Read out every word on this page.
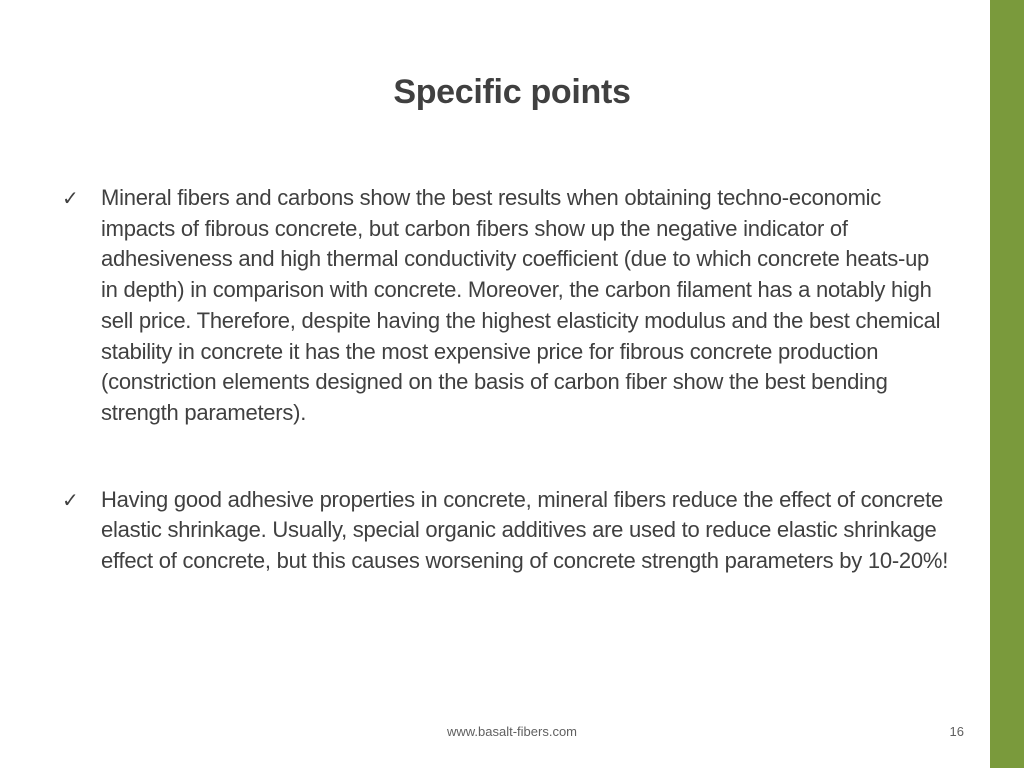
Specific points
✓ Mineral fibers and carbons show the best results when obtaining techno-economic impacts of fibrous concrete, but carbon fibers show up the negative indicator of adhesiveness and high thermal conductivity coefficient (due to which concrete heats-up in depth) in comparison with concrete. Moreover, the carbon filament has a notably high sell price. Therefore, despite having the highest elasticity modulus and the best chemical stability in concrete it has the most expensive price for fibrous concrete production (constriction elements designed on the basis of carbon fiber show the best bending strength parameters).
✓ Having good adhesive properties in concrete, mineral fibers reduce the effect of concrete elastic shrinkage. Usually, special organic additives are used to reduce elastic shrinkage effect of concrete, but this causes worsening of concrete strength parameters by 10-20%!
www.basalt-fibers.com	16
